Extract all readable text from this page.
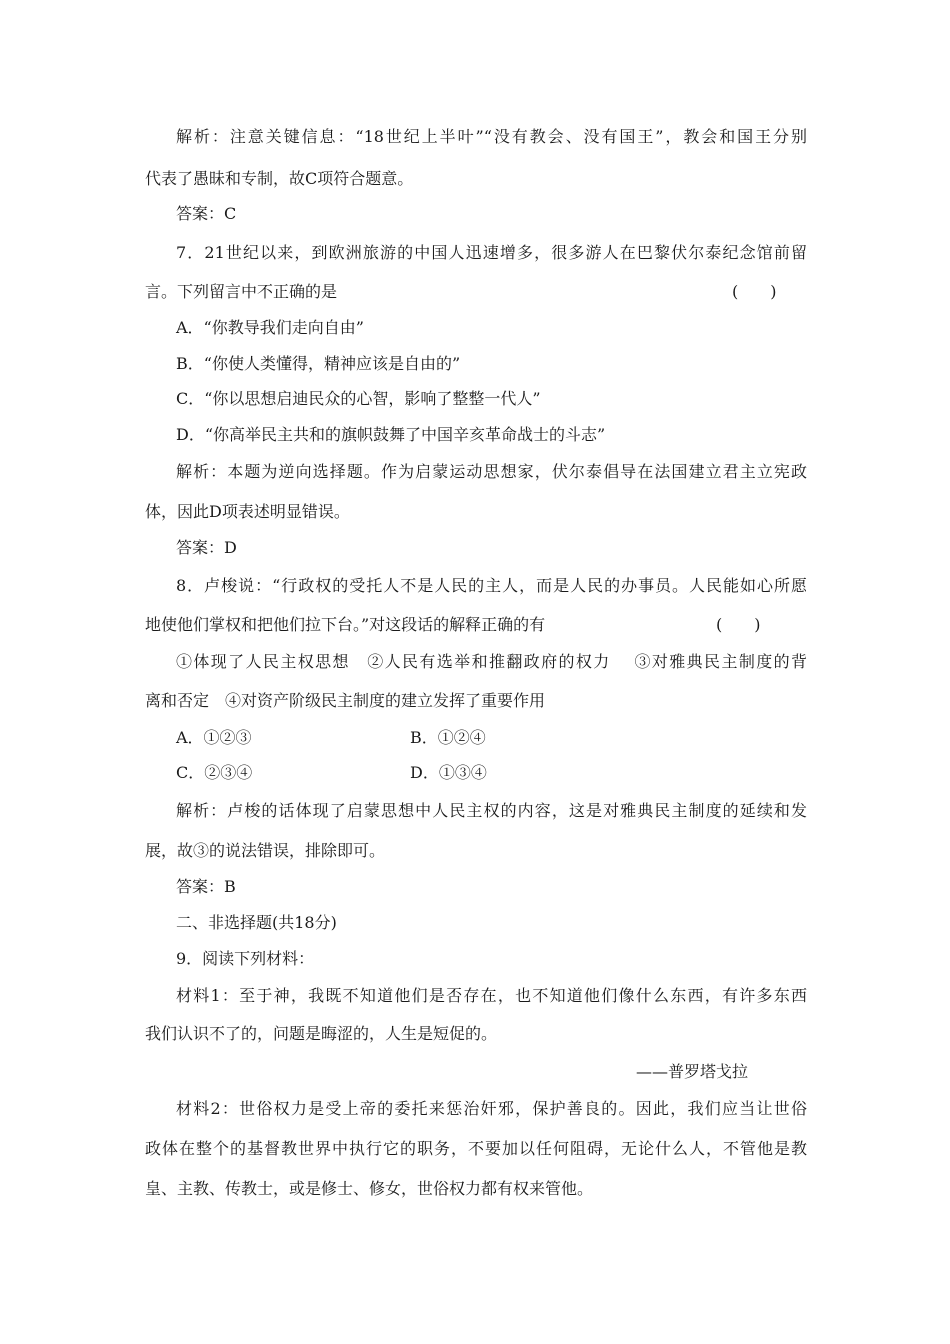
解析：注意关键信息：“18世纪上半叶”“没有教会、没有国王”，教会和国王分别
代表了愚昧和专制，故C项符合题意。
答案：C
7．21世纪以来，到欧洲旅游的中国人迅速增多，很多游人在巴黎伏尔泰纪念馆前留
言。下列留言中不正确的是	(　　)
A．“你教导我们走向自由”
B．“你使人类懂得，精神应该是自由的”
C．“你以思想启迪民众的心智，影响了整整一代人”
D．“你高举民主共和的旗帜鼓舞了中国辛亥革命战士的斗志”
解析：本题为逆向选择题。作为启蒙运动思想家，伏尔泰倡导在法国建立君主立宪政
体，因此D项表述明显错误。
答案：D
8．卢梭说：“行政权的受托人不是人民的主人，而是人民的办事员。人民能如心所愿
地使他们掌权和把他们拉下台。”对这段话的解释正确的有	(　　)
①体现了人民主权思想　②人民有选举和推翻政府的权力　 ③对雅典民主制度的背
离和否定　④对资产阶级民主制度的建立发挥了重要作用
A．①②③	B．①②④
C．②③④	D．①③④
解析：卢梭的话体现了启蒙思想中人民主权的内容，这是对雅典民主制度的延续和发
展，故③的说法错误，排除即可。
答案：B
二、非选择题(共18分)
9．阅读下列材料：
材料1：至于神，我既不知道他们是否存在，也不知道他们像什么东西，有许多东西
我们认识不了的，问题是晦涩的，人生是短促的。
——普罗塔戈拉
材料2：世俗权力是受上帝的委托来惩治奸邪，保护善良的。因此，我们应当让世俗
政体在整个的基督教世界中执行它的职务，不要加以任何阻碍，无论什么人，不管他是教
皇、主教、传教士，或是修士、修女，世俗权力都有权来管他。
